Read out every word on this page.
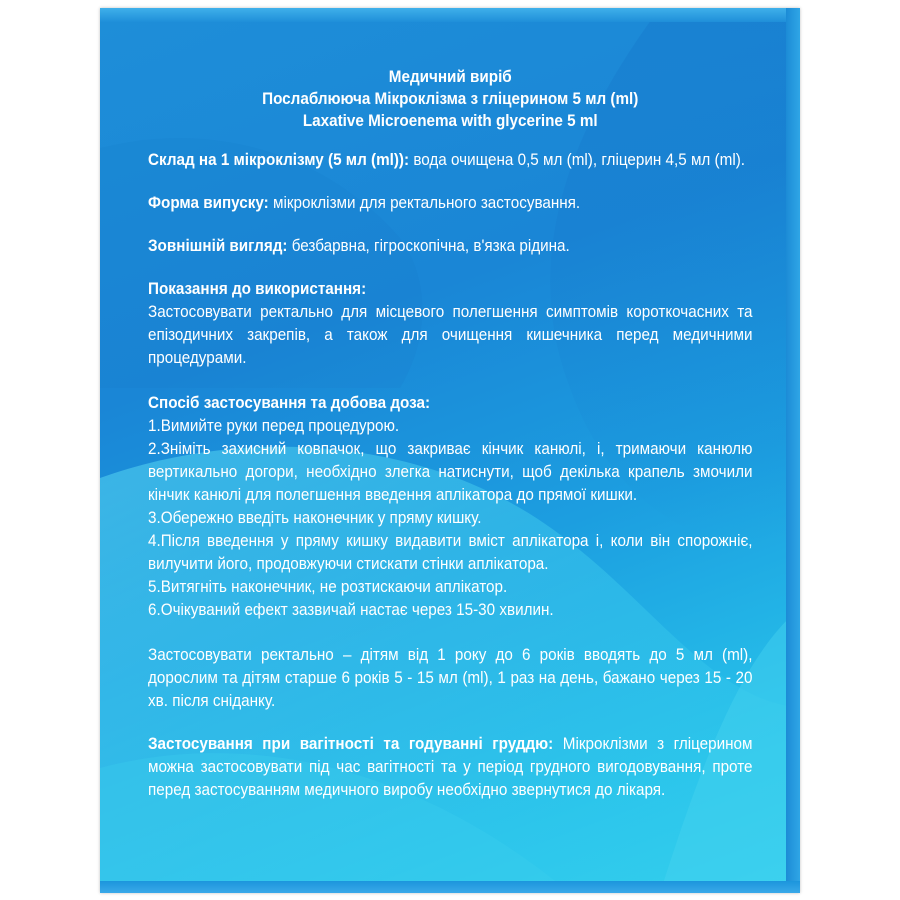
Медичний виріб
Послаблююча Мікроклізма з гліцерином 5 мл (ml)
Laxative Microenema with glycerine 5 ml

Склад на 1 мікроклізму (5 мл (ml)): вода очищена 0,5 мл (ml), гліцерин 4,5 мл (ml).

Форма випуску: мікроклізми для ректального застосування.

Зовнішній вигляд: безбарвна, гігроскопічна, в'язка рідина.

Показання до використання:

Застосовувати ректально для місцевого полегшення симптомів короткочасних та епізодичних закрепів, а також для очищення кишечника перед медичними процедурами.

Спосіб застосування та добова доза:

1.Вимийте руки перед процедурою.

2.Зніміть захисний ковпачок, що закриває кінчик канюлі, і, тримаючи канюлю вертикально догори, необхідно злегка натиснути, щоб декілька крапель змочили кінчик канюлі для полегшення введення аплікатора до прямої кишки.

3.Обережно введіть наконечник у пряму кишку.

4.Після введення у пряму кишку видавити вміст аплікатора і, коли він спорожніє, вилучити його, продовжуючи стискати стінки аплікатора.

5.Витягніть наконечник, не розтискаючи аплікатор.

6.Очікуваний ефект зазвичай настає через 15-30 хвилин.

Застосовувати ректально – дітям від 1 року до 6 років вводять до 5 мл (ml), дорослим та дітям старше 6 років 5 - 15 мл (ml), 1 раз на день, бажано через 15 - 20 хв. після сніданку.

Застосування при вагітності та годуванні груддю: Мікроклізми з гліцерином можна застосовувати під час вагітності та у період грудного вигодовування, проте перед застосуванням медичного виробу необхідно звернутися до лікаря.
